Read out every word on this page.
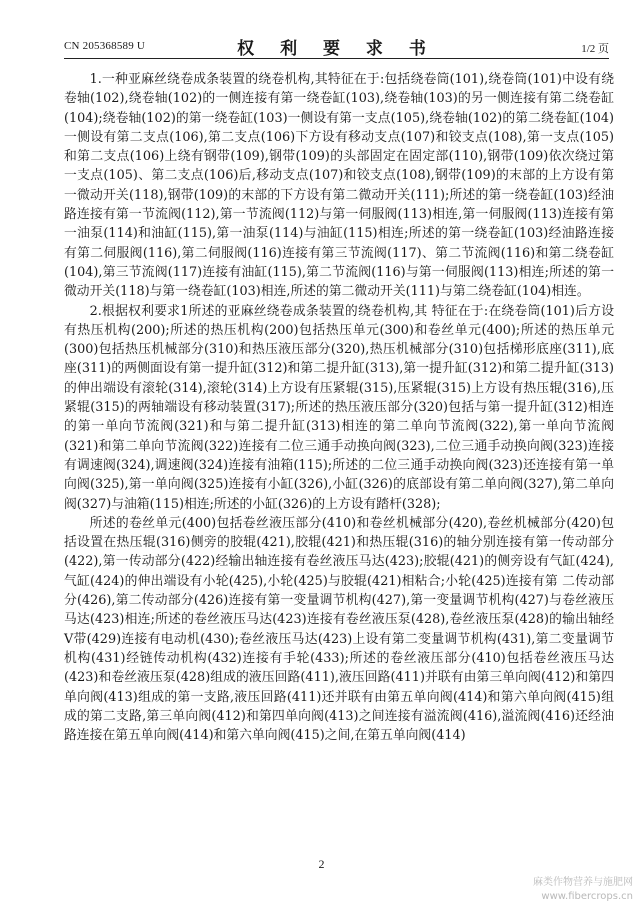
CN 205368589 U	权 利 要 求 书	1/2 页

1.一种亚麻丝绕卷成条装置的绕卷机构,其特征在于:包括绕卷筒(101),绕卷筒(101)中设有绕卷轴(102),绕卷轴(102)的一侧连接有第一绕卷缸(103),绕卷轴(103)的另一侧连接有第二绕卷缸(104);绕卷轴(102)的第一绕卷缸(103)一侧设有第一支点(105),绕卷轴(102)的第二绕卷缸(104)一侧设有第二支点(106),第二支点(106)下方设有移动支点(107)和铰支点(108),第一支点(105)和第二支点(106)上绕有钢带(109),钢带(109)的头部固定在固定部(110),钢带(109)依次绕过第一支点(105)、第二支点(106)后,移动支点(107)和铰支点(108),钢带(109)的末部的上方设有第一微动开关(118),钢带(109)的末部的下方设有第二微动开关(111);所述的第一绕卷缸(103)经油路连接有第一节流阀(112),第一节流阀(112)与第一伺服阀(113)相连,第一伺服阀(113)连接有第一油泵(114)和油缸(115),第一油泵(114)与油缸(115)相连;所述的第一绕卷缸(103)经油路连接有第二伺服阀(116),第二伺服阀(116)连接有第三节流阀(117)、第二节流阀(116)和第二绕卷缸(104),第三节流阀(117)连接有油缸(115),第二节流阀(116)与第一伺服阀(113)相连;所述的第一微动开关(118)与第一绕卷缸(103)相连,所述的第二微动开关(111)与第二绕卷缸(104)相连。

2.根据权利要求1所述的亚麻丝绕卷成条装置的绕卷机构,其 特征在于:在绕卷筒(101)后方设有热压机构(200);所述的热压机构(200)包括热压单元(300)和卷丝单元(400);所述的热压单元(300)包括热压机械部分(310)和热压液压部分(320),热压机械部分(310)包括梯形底座(311),底座(311)的两侧面设有第一提升缸(312)和第二提升缸(313),第一提升缸(312)和第二提升缸(313)的伸出端设有滚轮(314),滚轮(314)上方设有压紧辊(315),压紧辊(315)上方设有热压辊(316),压紧辊(315)的两轴端设有移动装置(317);所述的热压液压部分(320)包括与第一提升缸(312)相连的第一单向节流阀(321)和与第二提升缸(313)相连的第二单向节流阀(322),第一单向节流阀(321)和第二单向节流阀(322)连接有二位三通手动换向阀(323),二位三通手动换向阀(323)连接有调速阀(324),调速阀(324)连接有油箱(115);所述的二位三通手动换向阀(323)还连接有第一单向阀(325),第一单向阀(325)连接有小缸(326),小缸(326)的底部设有第二单向阀(327),第二单向阀(327)与油箱(115)相连;所述的小缸(326)的上方设有踏杆(328);

所述的卷丝单元(400)包括卷丝液压部分(410)和卷丝机械部分(420),卷丝机械部分(420)包括设置在热压辊(316)侧旁的胶辊(421),胶辊(421)和热压辊(316)的轴分别连接有第一传动部分(422),第一传动部分(422)经输出轴连接有卷丝液压马达(423);胶辊(421)的侧旁设有气缸(424),气缸(424)的伸出端设有小轮(425),小轮(425)与胶辊(421)相粘合;小轮(425)连接有第 二传动部分(426),第二传动部分(426)连接有第一变量调节机构(427),第一变量调节机构(427)与卷丝液压马达(423)相连;所述的卷丝液压马达(423)连接有卷丝液压泵(428),卷丝液压泵(428)的输出轴经V带(429)连接有电动机(430);卷丝液压马达(423)上设有第二变量调节机构(431),第二变量调节机构(431)经链传动机构(432)连接有手轮(433);所述的卷丝液压部分(410)包括卷丝液压马达(423)和卷丝液压泵(428)组成的液压回路(411),液压回路(411)并联有由第三单向阀(412)和第四单向阀(413)组成的第一支路,液压回路(411)还并联有由第五单向阀(414)和第六单向阀(415)组成的第二支路,第三单向阀(412)和第四单向阀(413)之间连接有溢流阀(416),溢流阀(416)还经油路连接在第五单向阀(414)和第六单向阀(415)之间,在第五单向阀(414)

2
麻类作物营养与施肥网
www.fibercrops.cn
